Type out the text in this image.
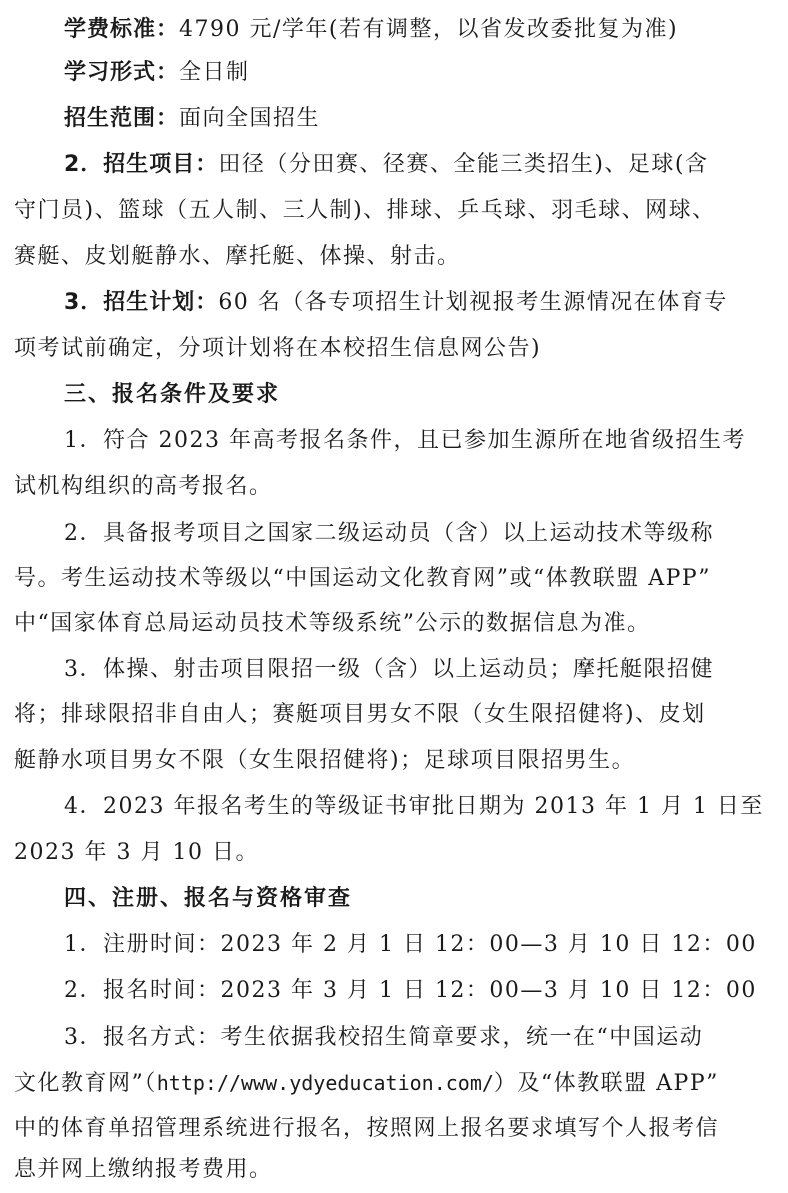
学费标准：4790 元/学年(若有调整，以省发改委批复为准)
学习形式：全日制
招生范围：面向全国招生
2．招生项目：田径（分田赛、径赛、全能三类招生)、足球(含
守门员)、篮球（五人制、三人制)、排球、乒乓球、羽毛球、网球、
赛艇、皮划艇静水、摩托艇、体操、射击。
3．招生计划：60 名（各专项招生计划视报考生源情况在体育专
项考试前确定，分项计划将在本校招生信息网公告)
三、报名条件及要求
1．符合 2023 年高考报名条件，且已参加生源所在地省级招生考
试机构组织的高考报名。
2．具备报考项目之国家二级运动员（含）以上运动技术等级称
号。考生运动技术等级以“中国运动文化教育网”或“体教联盟 APP”
中“国家体育总局运动员技术等级系统”公示的数据信息为准。
3．体操、射击项目限招一级（含）以上运动员；摩托艇限招健
将；排球限招非自由人；赛艇项目男女不限（女生限招健将)、皮划
艇静水项目男女不限（女生限招健将)；足球项目限招男生。
4．2023 年报名考生的等级证书审批日期为 2013 年 1 月 1 日至
2023 年 3 月 10 日。
四、注册、报名与资格审查
1．注册时间：2023 年 2 月 1 日 12：00—3 月 10 日 12：00
2．报名时间：2023 年 3 月 1 日 12：00—3 月 10 日 12：00
3．报名方式：考生依据我校招生简章要求，统一在“中国运动
文化教育网”（http://www.ydyeducation.com/）及“体教联盟 APP”
中的体育单招管理系统进行报名，按照网上报名要求填写个人报考信
息并网上缴纳报考费用。
